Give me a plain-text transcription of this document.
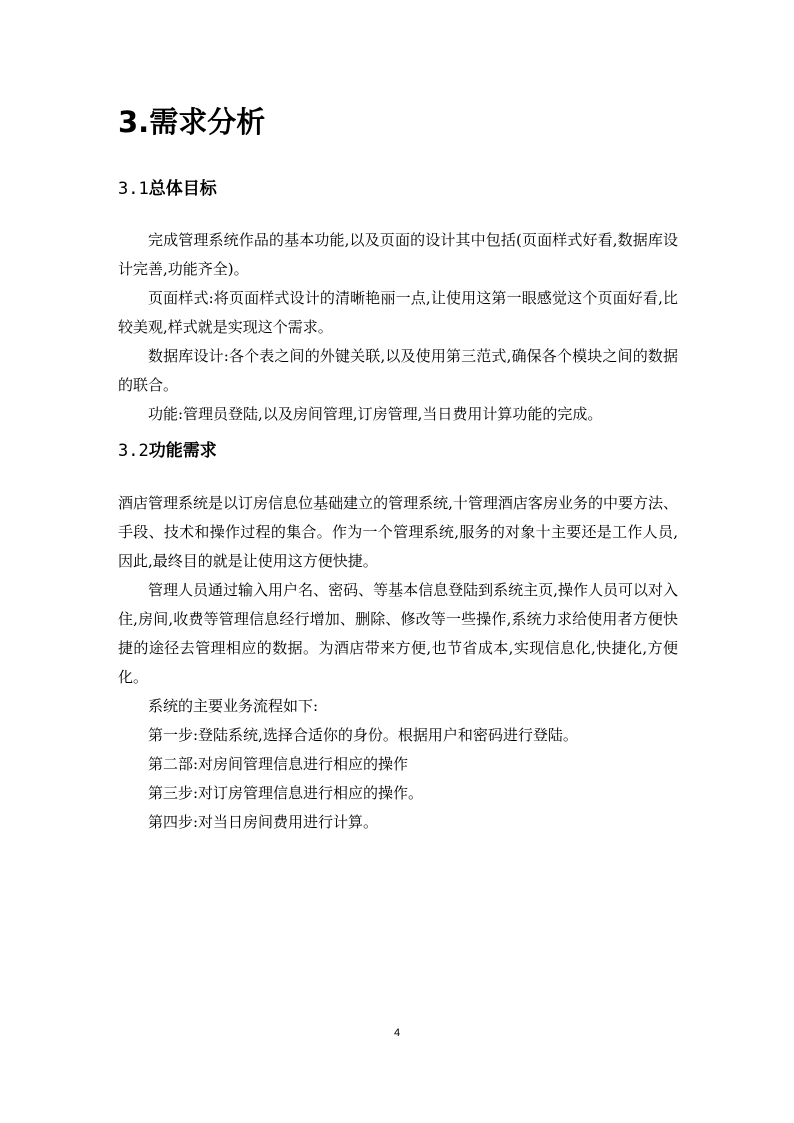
3.需求分析
3.1总体目标

完成管理系统作品的基本功能,以及页面的设计其中包括(页面样式好看,数据库设计完善,功能齐全)。

页面样式:将页面样式设计的清晰艳丽一点,让使用这第一眼感觉这个页面好看,比较美观,样式就是实现这个需求。

数据库设计:各个表之间的外键关联,以及使用第三范式,确保各个模块之间的数据的联合。

功能:管理员登陆,以及房间管理,订房管理,当日费用计算功能的完成。

3.2功能需求

酒店管理系统是以订房信息位基础建立的管理系统,十管理酒店客房业务的中要方法、手段、技术和操作过程的集合。作为一个管理系统,服务的对象十主要还是工作人员,因此,最终目的就是让使用这方便快捷。

管理人员通过输入用户名、密码、等基本信息登陆到系统主页,操作人员可以对入住,房间,收费等管理信息经行增加、删除、修改等一些操作,系统力求给使用者方便快捷的途径去管理相应的数据。为酒店带来方便,也节省成本,实现信息化,快捷化,方便化。

系统的主要业务流程如下:

第一步:登陆系统,选择合适你的身份。根据用户和密码进行登陆。

第二部:对房间管理信息进行相应的操作

第三步:对订房管理信息进行相应的操作。

第四步:对当日房间费用进行计算。

4
